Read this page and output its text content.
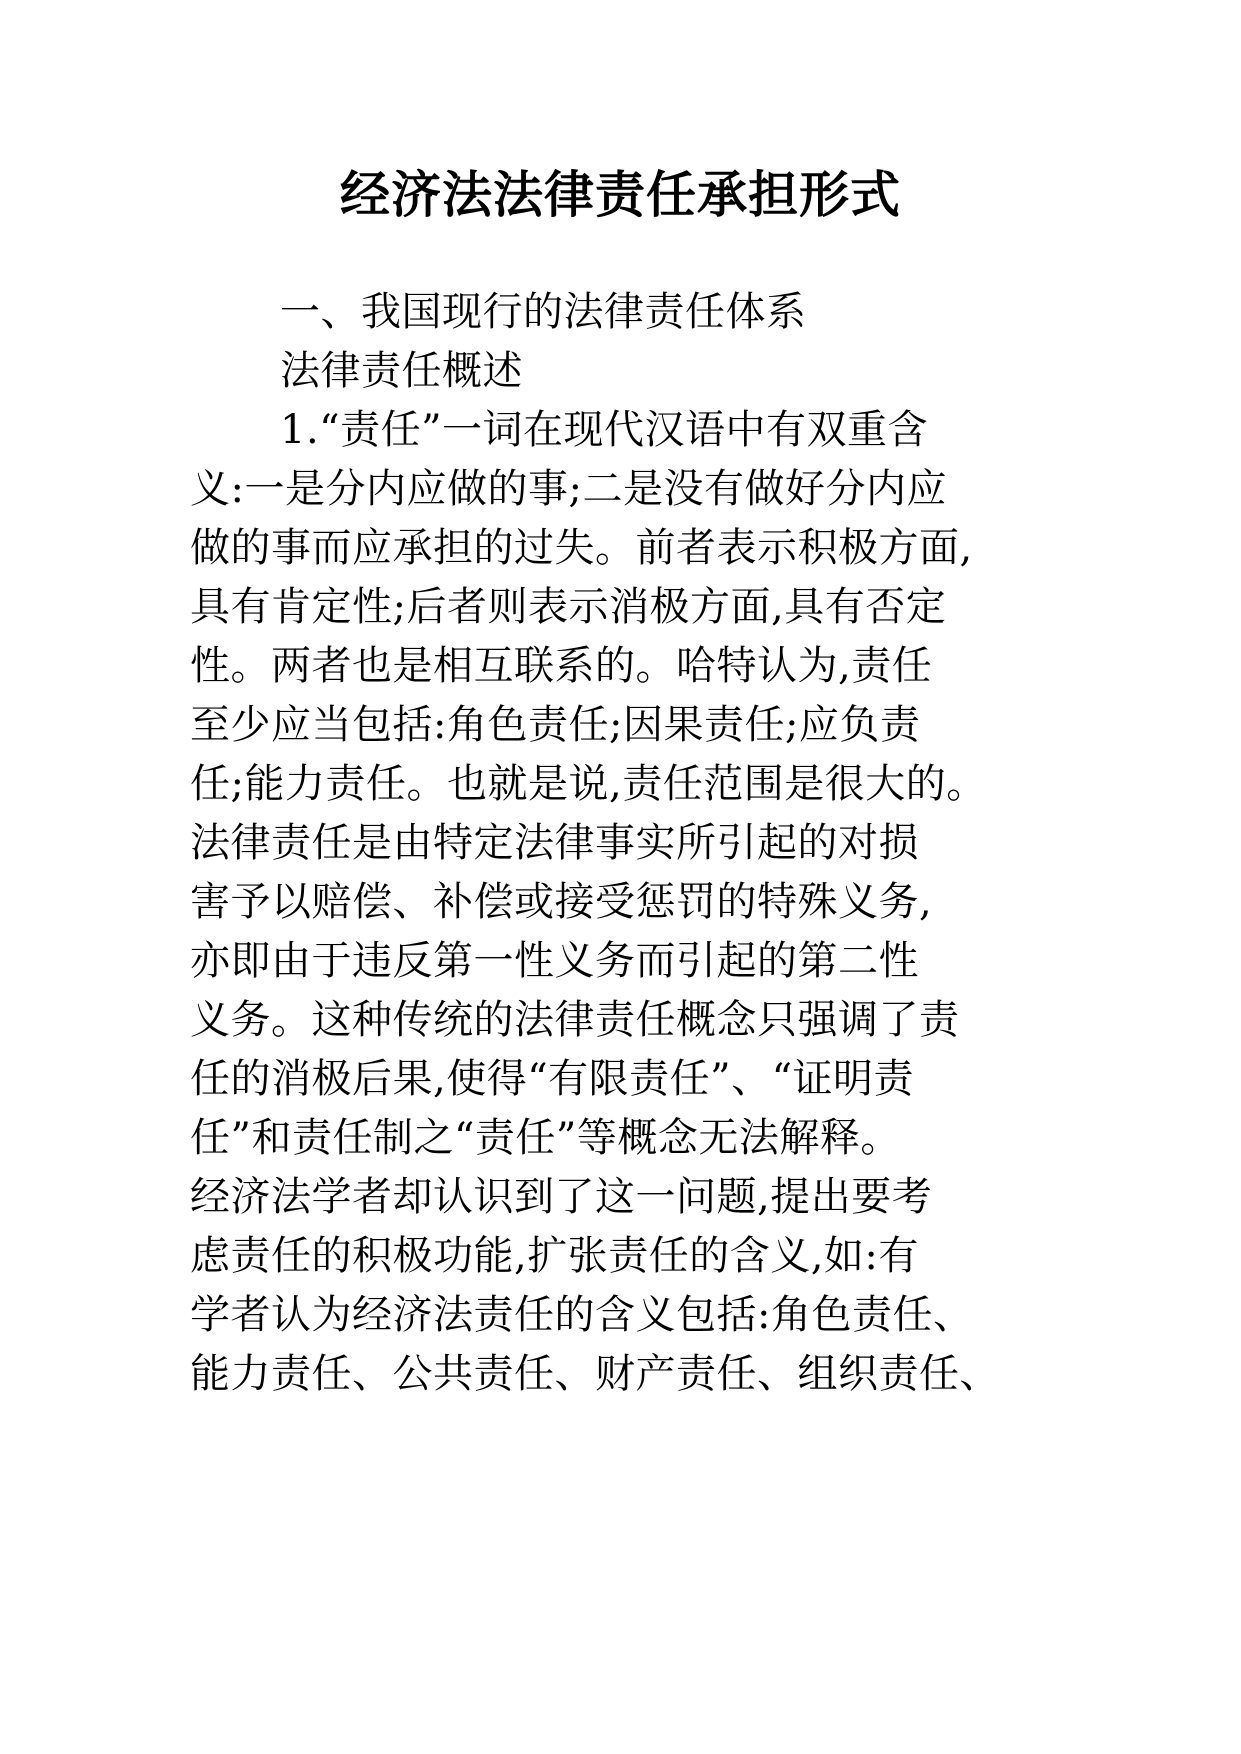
经济法法律责任承担形式
一、我国现行的法律责任体系
法律责任概述
1.“责任”一词在现代汉语中有双重含
义:一是分内应做的事;二是没有做好分内应
做的事而应承担的过失。前者表示积极方面,
具有肯定性;后者则表示消极方面,具有否定
性。两者也是相互联系的。哈特认为,责任
至少应当包括:角色责任;因果责任;应负责
任;能力责任。也就是说,责任范围是很大的。
法律责任是由特定法律事实所引起的对损
害予以赔偿、补偿或接受惩罚的特殊义务,
亦即由于违反第一性义务而引起的第二性
义务。这种传统的法律责任概念只强调了责
任的消极后果,使得“有限责任”、“证明责
任”和责任制之“责任”等概念无法解释。
经济法学者却认识到了这一问题,提出要考
虑责任的积极功能,扩张责任的含义,如:有
学者认为经济法责任的含义包括:角色责任、
能力责任、公共责任、财产责任、组织责任、
